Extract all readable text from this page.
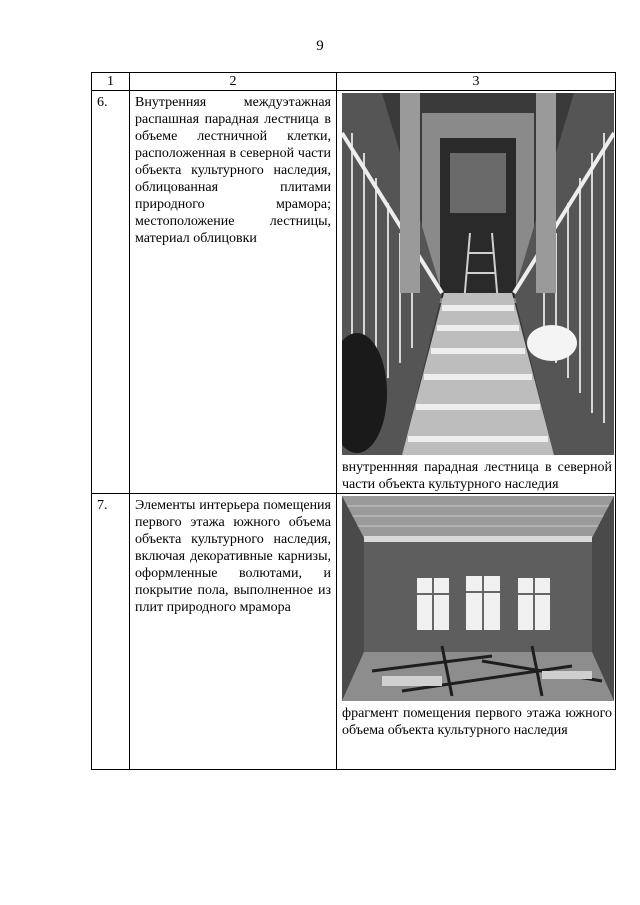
9
1	2	3
6.	Внутренняя междуэтажная распашная парадная лестница в объеме лестничной клетки, расположенная в северной части объекта культурного наследия, облицованная плитами природного мрамора; местоположение лестницы, материал облицовки	внутреннняя парадная лестница в северной части объекта культурного наследия

7.	Элементы интерьера помещения первого этажа южного объема объекта культурного наследия, включая декоративные карнизы, оформленные волютами, и покрытие пола, выполненное из плит природного мрамора	фрагмент помещения первого этажа южного объема объекта культурного наследия
